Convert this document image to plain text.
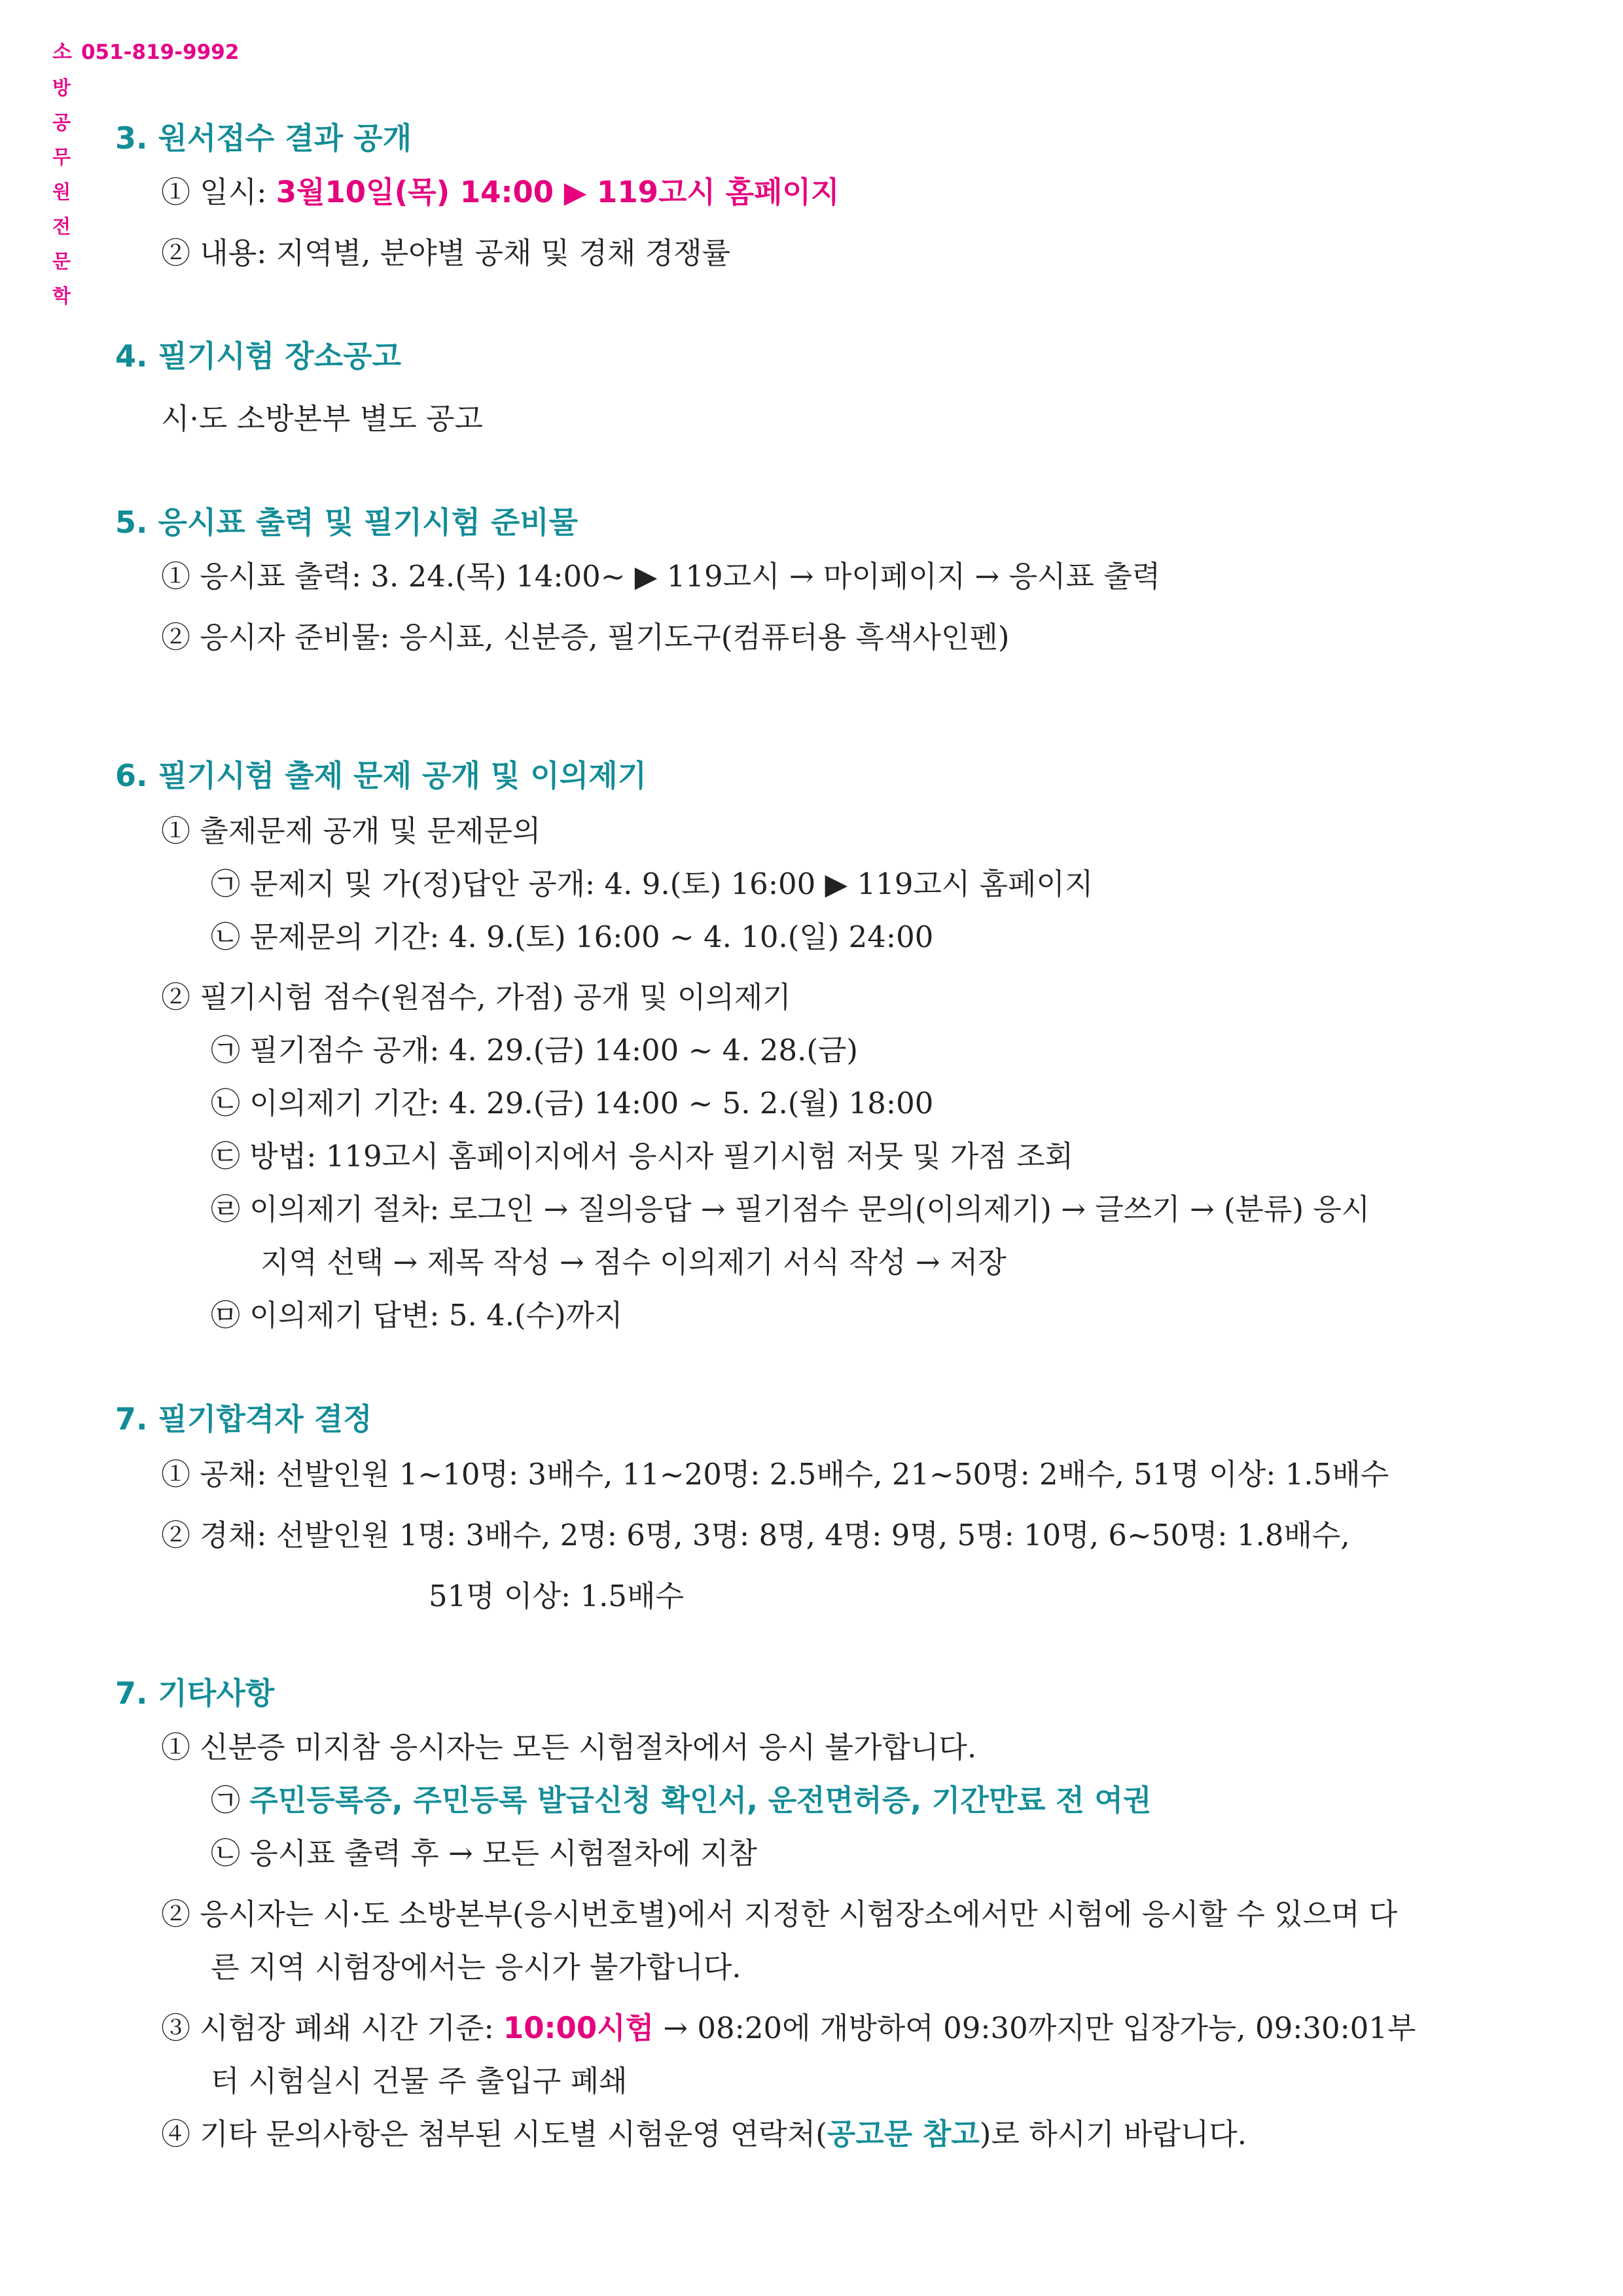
소 051-819-9992
방
공
무
원
전
문
학
3. 원서접수 결과 공개
① 일시: 3월10일(목) 14:00 ▶ 119고시 홈페이지
② 내용: 지역별, 분야별 공채 및 경채 경쟁률
4. 필기시험 장소공고
시·도 소방본부 별도 공고
5. 응시표 출력 및 필기시험 준비물
① 응시표 출력: 3. 24.(목) 14:00~ ▶ 119고시 → 마이페이지 → 응시표 출력
② 응시자 준비물: 응시표, 신분증, 필기도구(컴퓨터용 흑색사인펜)
6. 필기시험 출제 문제 공개 및 이의제기
① 출제문제 공개 및 문제문의
㉠ 문제지 및 가(정)답안 공개: 4. 9.(토) 16:00 ▶ 119고시 홈페이지
㉡ 문제문의 기간: 4. 9.(토) 16:00 ~ 4. 10.(일) 24:00
② 필기시험 점수(원점수, 가점) 공개 및 이의제기
㉠ 필기점수 공개: 4. 29.(금) 14:00 ~ 4. 28.(금)
㉡ 이의제기 기간: 4. 29.(금) 14:00 ~ 5. 2.(월) 18:00
㉢ 방법: 119고시 홈페이지에서 응시자 필기시험 저뭇 및 가점 조회
㉣ 이의제기 절차: 로그인 → 질의응답 → 필기점수 문의(이의제기) → 글쓰기 → (분류) 응시
지역 선택 → 제목 작성 → 점수 이의제기 서식 작성 → 저장
㉤ 이의제기 답변: 5. 4.(수)까지
7. 필기합격자 결정
① 공채: 선발인원 1~10명: 3배수, 11~20명: 2.5배수, 21~50명: 2배수, 51명 이상: 1.5배수
② 경채: 선발인원 1명: 3배수, 2명: 6명, 3명: 8명, 4명: 9명, 5명: 10명, 6~50명: 1.8배수,
51명 이상: 1.5배수
7. 기타사항
① 신분증 미지참 응시자는 모든 시험절차에서 응시 불가합니다.
㉠ 주민등록증, 주민등록 발급신청 확인서, 운전면허증, 기간만료 전 여권
㉡ 응시표 출력 후 → 모든 시험절차에 지참
② 응시자는 시·도 소방본부(응시번호별)에서 지정한 시험장소에서만 시험에 응시할 수 있으며 다
른 지역 시험장에서는 응시가 불가합니다.
③ 시험장 폐쇄 시간 기준: 10:00시험 → 08:20에 개방하여 09:30까지만 입장가능, 09:30:01부
터 시험실시 건물 주 출입구 폐쇄
④ 기타 문의사항은 첨부된 시도별 시험운영 연락처(공고문 참고)로 하시기 바랍니다.
